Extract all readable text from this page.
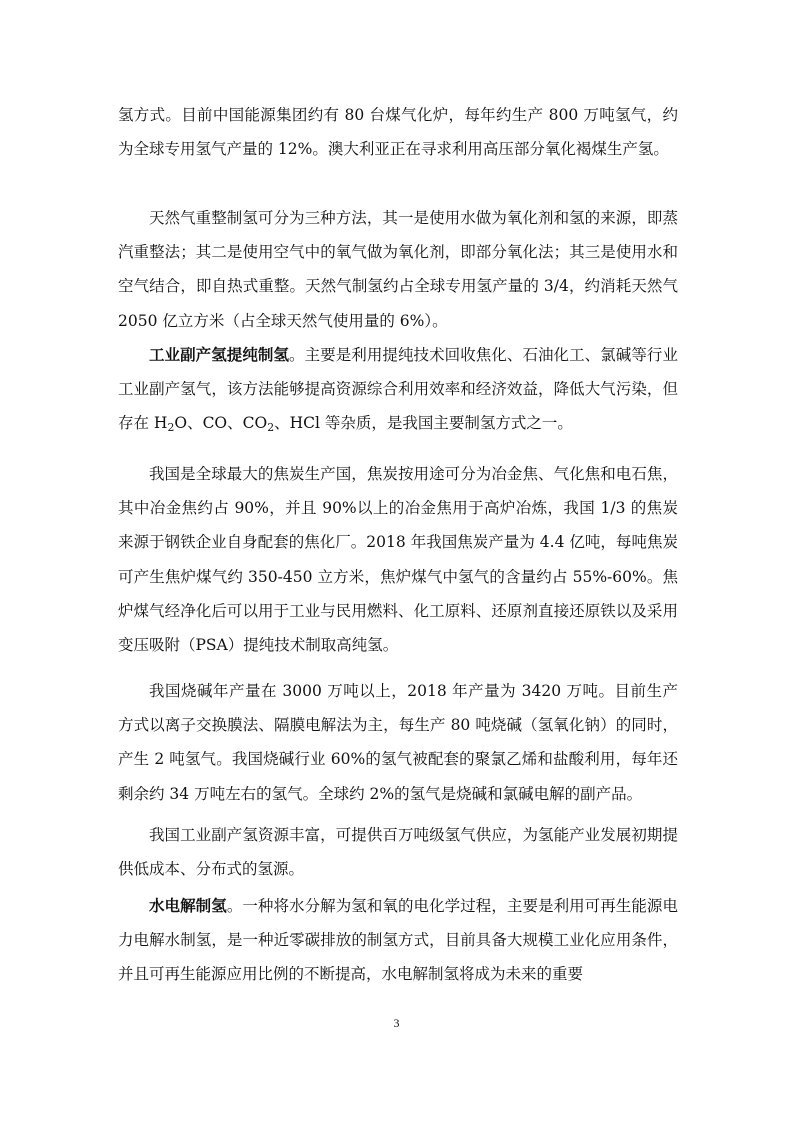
氢方式。目前中国能源集团约有 80 台煤气化炉，每年约生产 800 万吨氢气，约为全球专用氢气产量的 12%。澳大利亚正在寻求利用高压部分氧化褐煤生产氢。

天然气重整制氢可分为三种方法，其一是使用水做为氧化剂和氢的来源，即蒸汽重整法；其二是使用空气中的氧气做为氧化剂，即部分氧化法；其三是使用水和空气结合，即自热式重整。天然气制氢约占全球专用氢产量的 3/4，约消耗天然气 2050 亿立方米（占全球天然气使用量的 6%）。

工业副产氢提纯制氢。主要是利用提纯技术回收焦化、石油化工、氯碱等行业工业副产氢气，该方法能够提高资源综合利用效率和经济效益，降低大气污染，但存在 $H_2O$、CO、$CO_2$、HCl 等杂质，是我国主要制氢方式之一。

我国是全球最大的焦炭生产国，焦炭按用途可分为冶金焦、气化焦和电石焦，其中冶金焦约占 90%，并且 90%以上的冶金焦用于高炉冶炼，我国 1/3 的焦炭来源于钢铁企业自身配套的焦化厂。2018 年我国焦炭产量为 4.4 亿吨，每吨焦炭可产生焦炉煤气约 350-450 立方米，焦炉煤气中氢气的含量约占 55%-60%。焦炉煤气经净化后可以用于工业与民用燃料、化工原料、还原剂直接还原铁以及采用变压吸附（PSA）提纯技术制取高纯氢。

我国烧碱年产量在 3000 万吨以上，2018 年产量为 3420 万吨。目前生产方式以离子交换膜法、隔膜电解法为主，每生产 80 吨烧碱（氢氧化钠）的同时，产生 2 吨氢气。我国烧碱行业 60%的氢气被配套的聚氯乙烯和盐酸利用，每年还剩余约 34 万吨左右的氢气。全球约 2%的氢气是烧碱和氯碱电解的副产品。

我国工业副产氢资源丰富，可提供百万吨级氢气供应，为氢能产业发展初期提供低成本、分布式的氢源。

水电解制氢。一种将水分解为氢和氧的电化学过程，主要是利用可再生能源电力电解水制氢，是一种近零碳排放的制氢方式，目前具备大规模工业化应用条件，并且可再生能源应用比例的不断提高，水电解制氢将成为未来的重要

3
